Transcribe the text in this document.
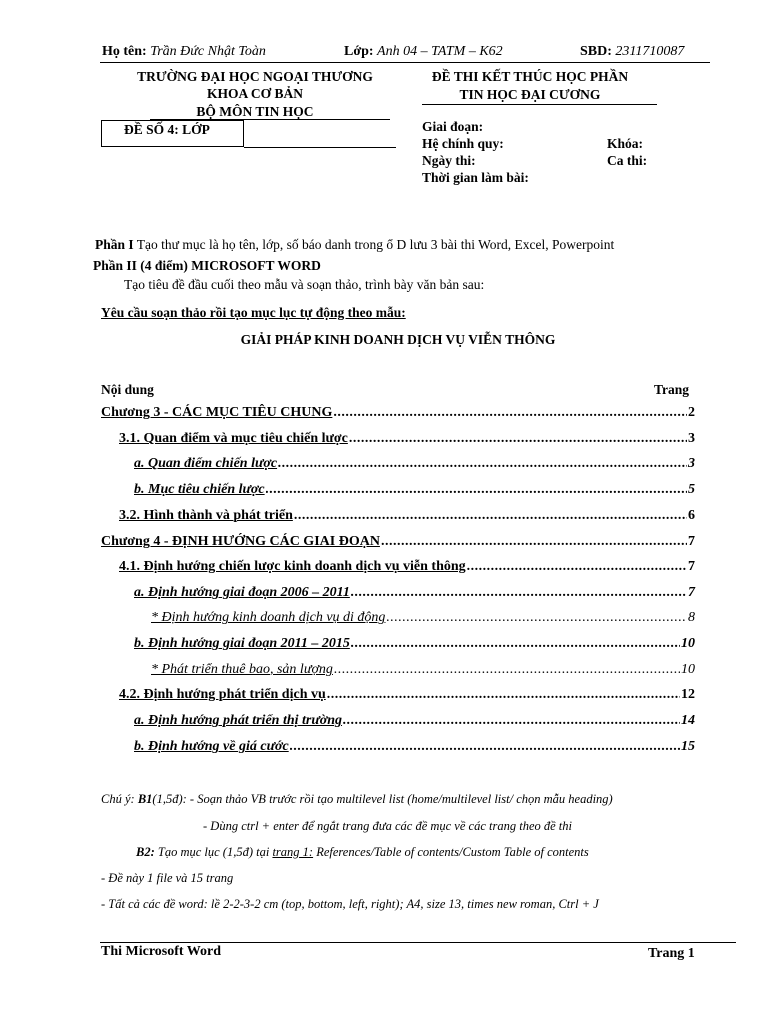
Họ tên: Trần Đức Nhật Toàn	Lớp: Anh 04 – TATM – K62	SBD: 2311710087
TRƯỜNG ĐẠI HỌC NGOẠI THƯƠNG
KHOA CƠ BẢN
BỘ MÔN TIN HỌC
ĐỀ SỐ 4: LỚP
ĐỀ THI KẾT THÚC HỌC PHẦN
TIN HỌC ĐẠI CƯƠNG
Giai đoạn:
Hệ chính quy:	Khóa:
Ngày thi:	Ca thi:
Thời gian làm bài:
Phần I Tạo thư mục là họ tên, lớp, số báo danh trong ổ D lưu 3 bài thi Word, Excel, Powerpoint
Phần II (4 điểm) MICROSOFT WORD
Tạo tiêu đề đầu cuối theo mẫu và soạn thảo, trình bày văn bản sau:
Yêu cầu soạn thảo rồi tạo mục lục tự động theo mẫu:
GIẢI PHÁP KINH DOANH DỊCH VỤ VIỄN THÔNG
Nội dung	Trang
Chương 3 - CÁC MỤC TIÊU CHUNG .....	2
3.1. Quan điểm và mục tiêu chiến lược .....	3
a. Quan điểm chiến lược .....	3
b. Mục tiêu chiến lược .....	5
3.2. Hình thành và phát triển .....	6
Chương 4 - ĐỊNH HƯỚNG CÁC GIAI ĐOẠN .....	7
4.1. Định hướng chiến lược kinh doanh dịch vụ viễn thông .....	7
a. Định hướng giai đoạn 2006 – 2011 .....	7
* Định hướng kinh doanh dịch vụ di động .....	8
b. Định hướng giai đoạn 2011 – 2015 .....	10
* Phát triển thuê bao, sản lượng .....	10
4.2. Định hướng phát triển dịch vụ .....	12
a. Định hướng phát triển thị trường .....	14
b. Định hướng về giá cước .....	15
Chú ý: B1(1,5đ): - Soạn thảo VB trước rồi tạo multilevel list (home/multilevel list/ chọn mẫu heading)
- Dùng ctrl + enter để ngắt trang đưa các đề mục về các trang theo đề thi
B2: Tạo mục lục (1,5đ) tại trang 1: References/Table of contents/Custom Table of contents
- Đề này 1 file và 15 trang
- Tất cả các đề word: lề 2-2-3-2 cm (top, bottom, left, right); A4, size 13, times new roman, Ctrl + J
Thi Microsoft Word	Trang 1
